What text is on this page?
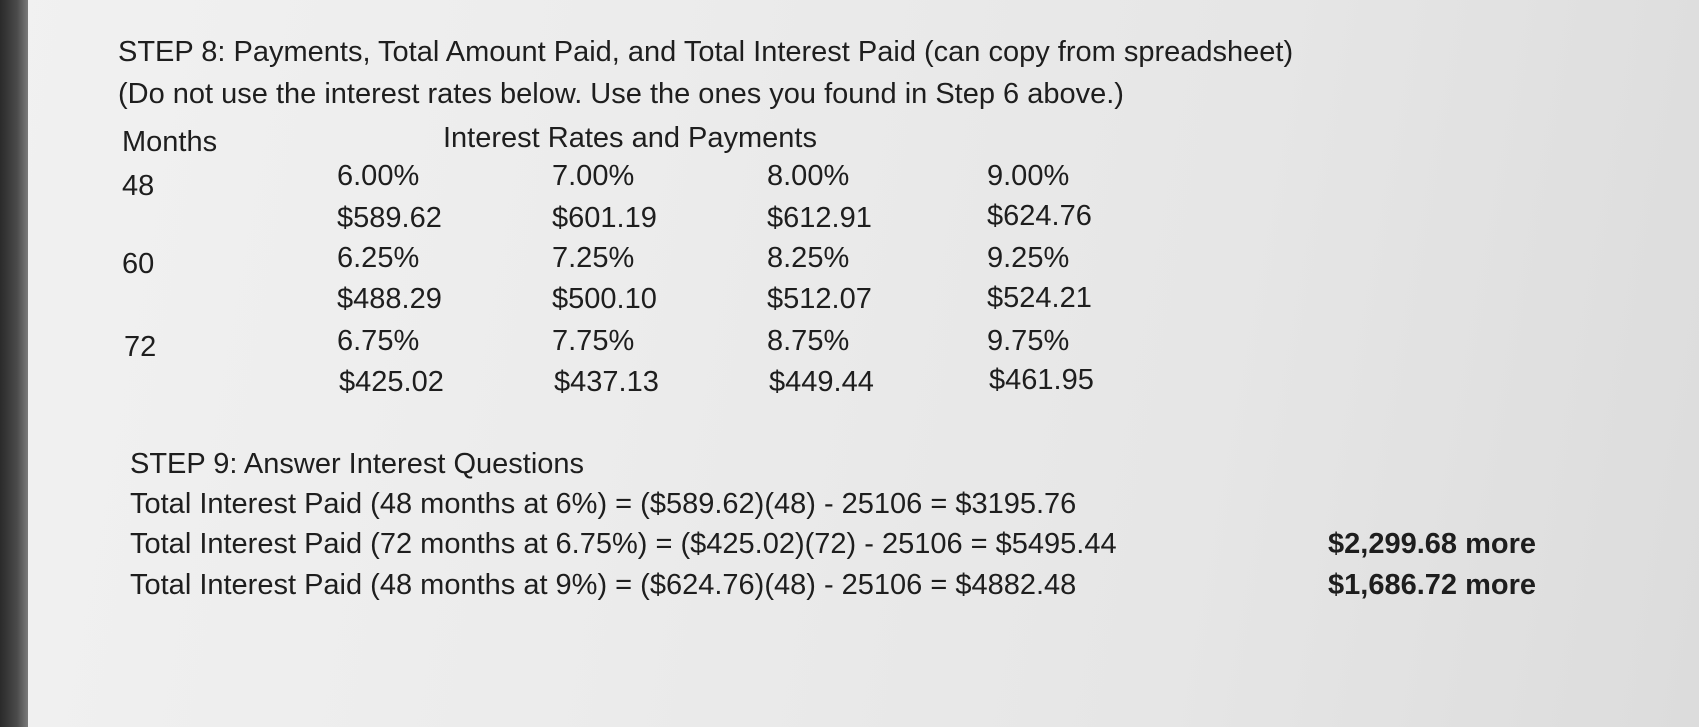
STEP 8: Payments, Total Amount Paid, and Total Interest Paid (can copy from spreadsheet)
(Do not use the interest rates below. Use the ones you found in Step 6 above.)
Months	Interest Rates and Payments
48	6.00%	7.00%	8.00%	9.00%
$589.62	$601.19	$612.91	$624.76
60	6.25%	7.25%	8.25%	9.25%
$488.29	$500.10	$512.07	$524.21
72	6.75%	7.75%	8.75%	9.75%
$425.02	$437.13	$449.44	$461.95
STEP 9: Answer Interest Questions
Total Interest Paid (48 months at 6%) = ($589.62)(48) - 25106 = $3195.76
Total Interest Paid (72 months at 6.75%) = ($425.02)(72) - 25106 = $5495.44	$2,299.68 more
Total Interest Paid (48 months at 9%) = ($624.76)(48) - 25106 = $4882.48	$1,686.72 more
